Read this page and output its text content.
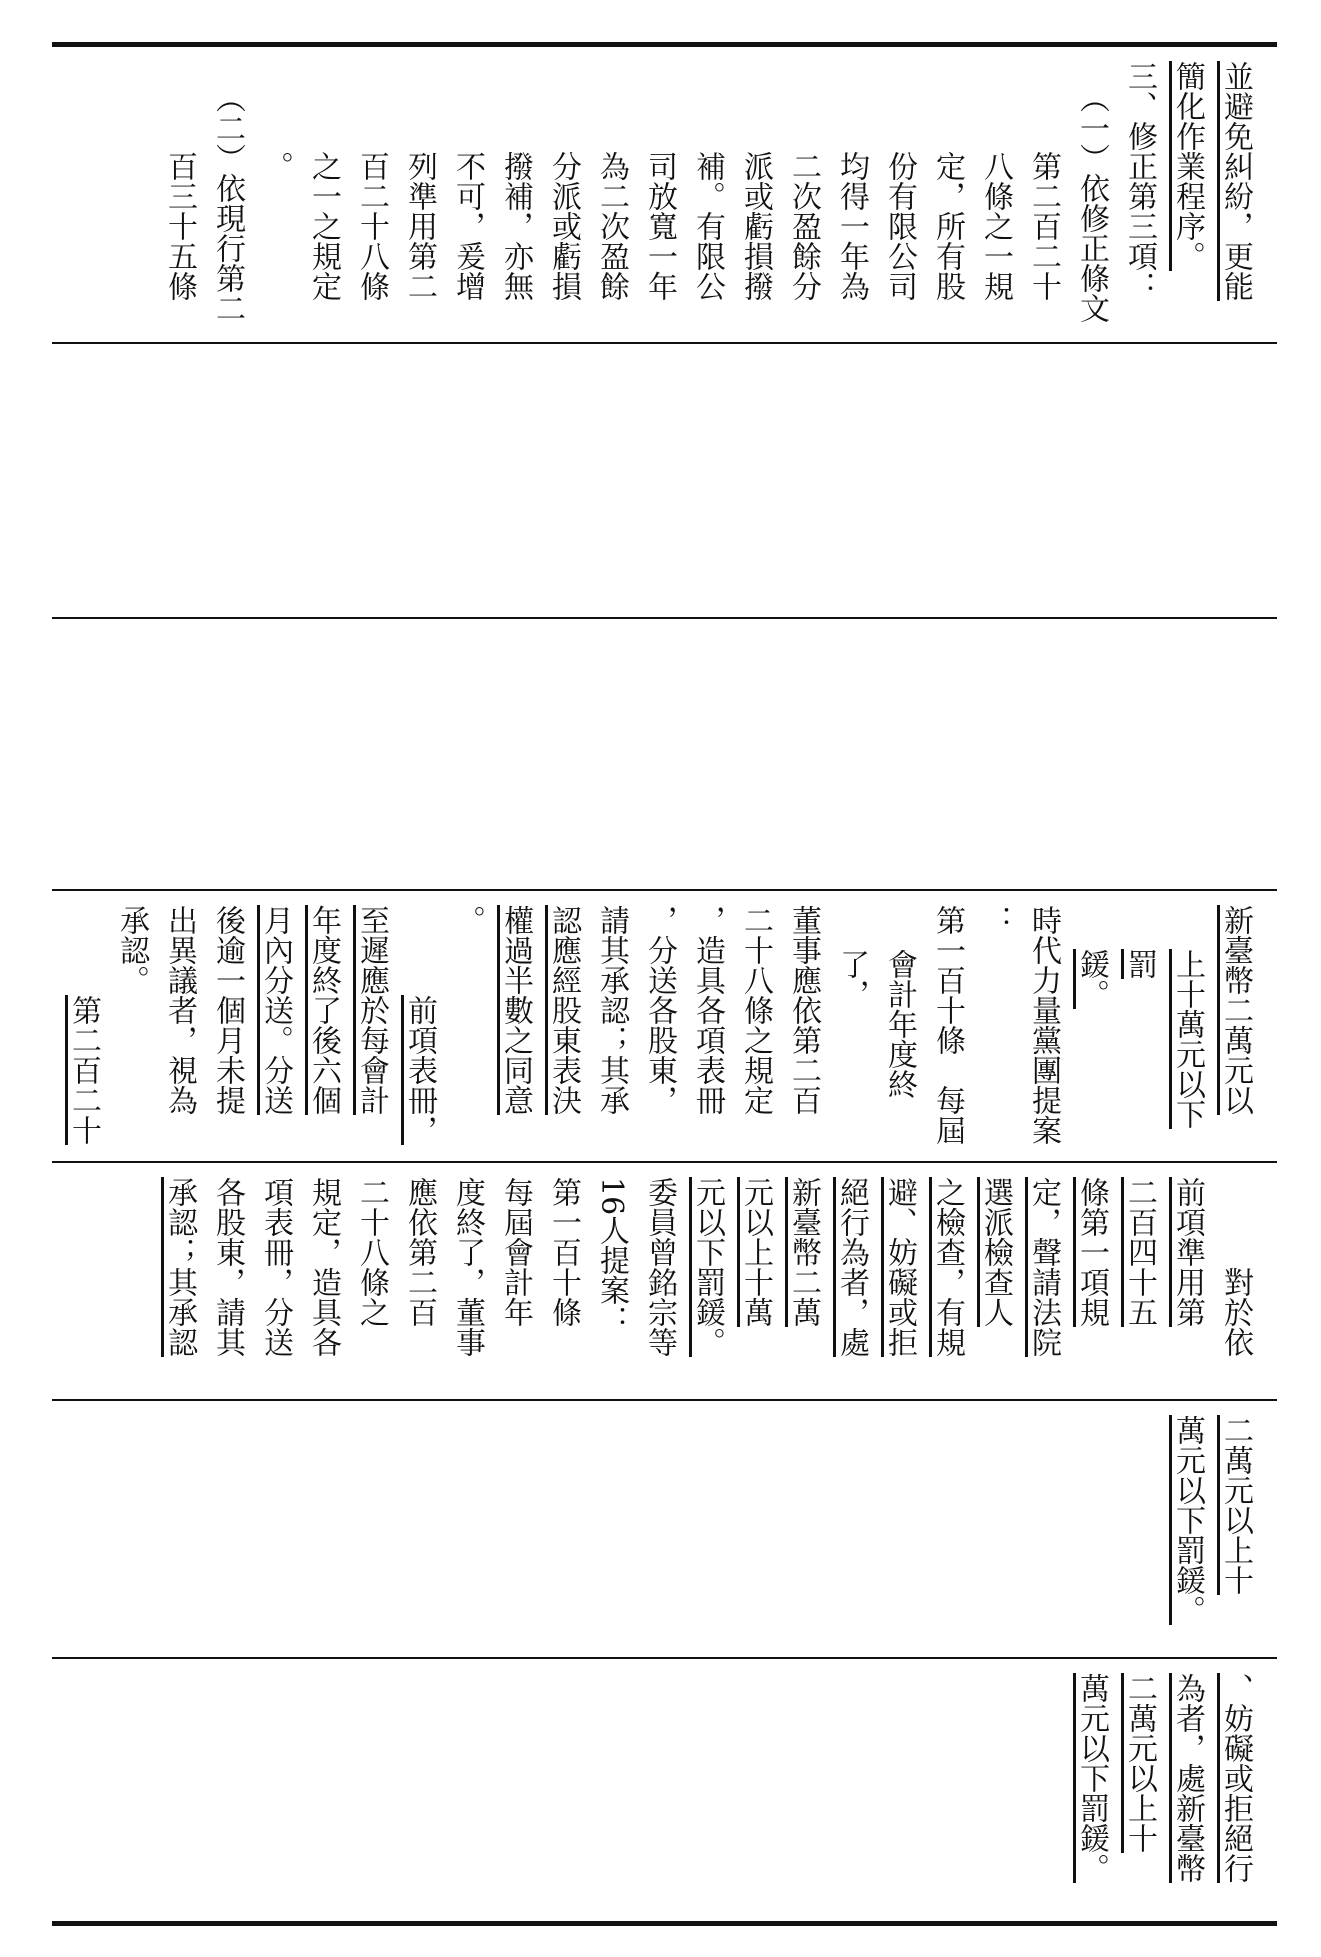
並避免糾紛，更能

簡化作業程序。

三、修正第三項：

（一）依修正條文

第二百二十

八條之一規

定，所有股

份有限公司

均得一年為

二次盈餘分

派或虧損撥

補。有限公

司放寬一年

為二次盈餘

分派或虧損

撥補，亦無

不可，爰增

列準用第二

百二十八條

之一之規定

。

（二）依現行第二

百三十五條

新臺幣二萬元以

上十萬元以下罰

鍰。

時代力量黨團提案

：

第一百十條　每屆

會計年度終了，

董事應依第二百

二十八條之規定

，造具各項表冊

，分送各股東，

請其承認；其承

認應經股東表決

權過半數之同意

。

前項表冊，

至遲應於每會計

年度終了後六個

月內分送。分送

後逾一個月未提

出異議者，視為

承認。

第二百二十

對於依

前項準用第

二百四十五

條第一項規

定，聲請法院

選派檢查人

之檢查，有規

避、妨礙或拒

絕行為者，處

新臺幣二萬

元以上十萬

元以下罰鍰。

委員曾銘宗等

16人提案：

第一百十條

每屆會計年

度終了，董事

應依第二百

二十八條之

規定，造具各

項表冊，分送

各股東，請其

承認；其承認

二萬元以上十

萬元以下罰鍰。

、妨礙或拒絕行

為者，處新臺幣

二萬元以上十

萬元以下罰鍰。
